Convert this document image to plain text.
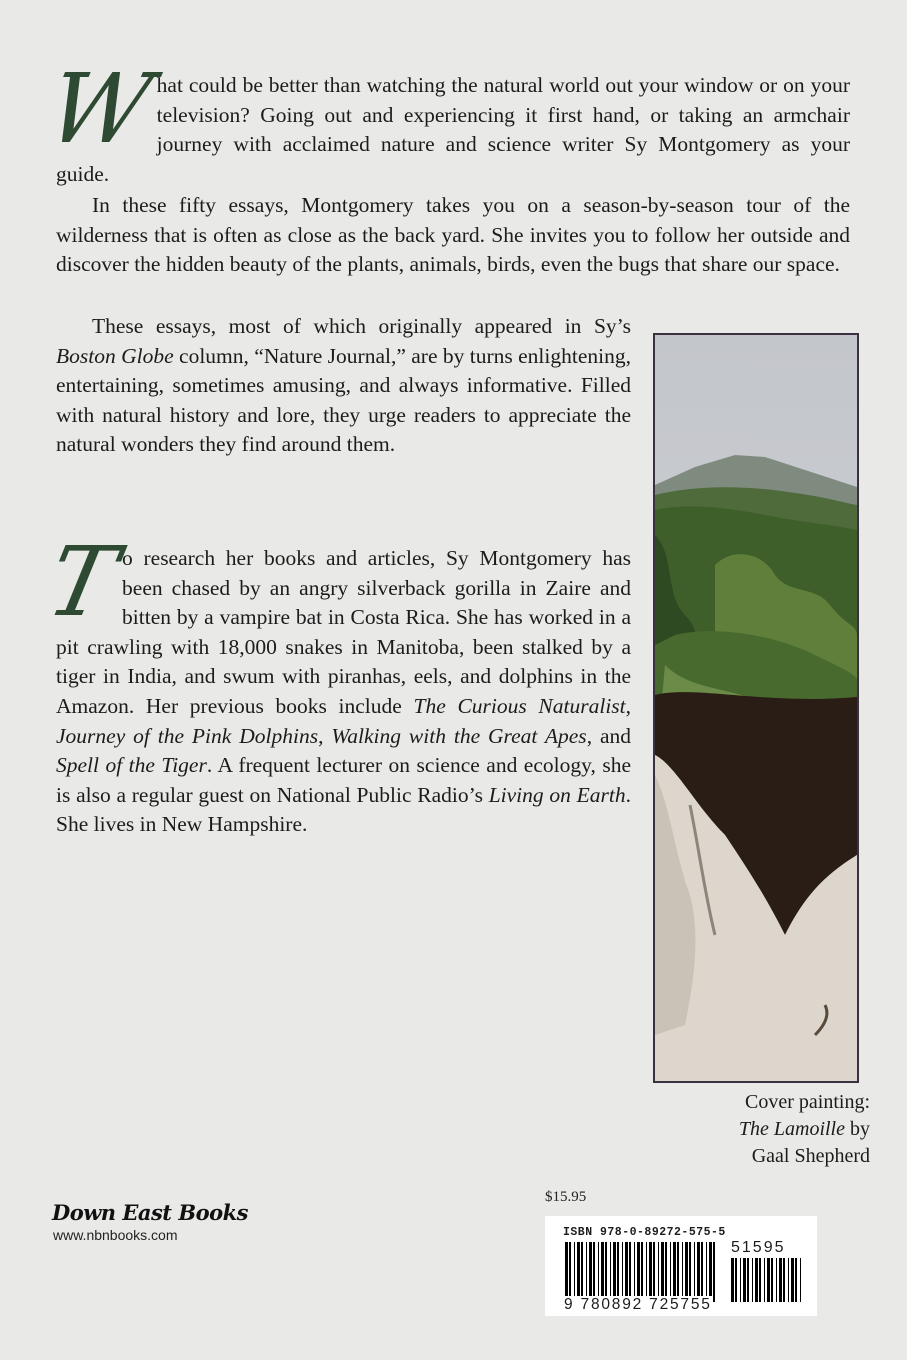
W
hat could be better than watching the natural world out your window or on your television? Going out and experiencing it first hand, or taking an armchair journey with acclaimed nature and science writer Sy Montgomery as your guide.

In these fifty essays, Montgomery takes you on a season-by-season tour of the wilderness that is often as close as the back yard. She invites you to follow her outside and discover the hidden beauty of the plants, animals, birds, even the bugs that share our space.

These essays, most of which originally appeared in Sy’s Boston Globe column, “Nature Journal,” are by turns enlightening, entertaining, sometimes amusing, and always informative. Filled with natural history and lore, they urge readers to appreciate the natural wonders they find around them.

T
o research her books and articles, Sy Montgomery has been chased by an angry silverback gorilla in Zaire and bitten by a vampire bat in Costa Rica. She has worked in a pit crawling with 18,000 snakes in Manitoba, been stalked by a tiger in India, and swum with piranhas, eels, and dolphins in the Amazon. Her previous books include The Curious Naturalist, Journey of the Pink Dolphins, Walking with the Great Apes, and Spell of the Tiger. A frequent lecturer on science and ecology, she is also a regular guest on National Public Radio’s Living on Earth. She lives in New Hampshire.

Cover painting:
The Lamoille by
Gaal Shepherd
Down East Books
www.nbnbooks.com
$15.95
ISBN 978-0-89272-575-5
51595
9 780892 725755
